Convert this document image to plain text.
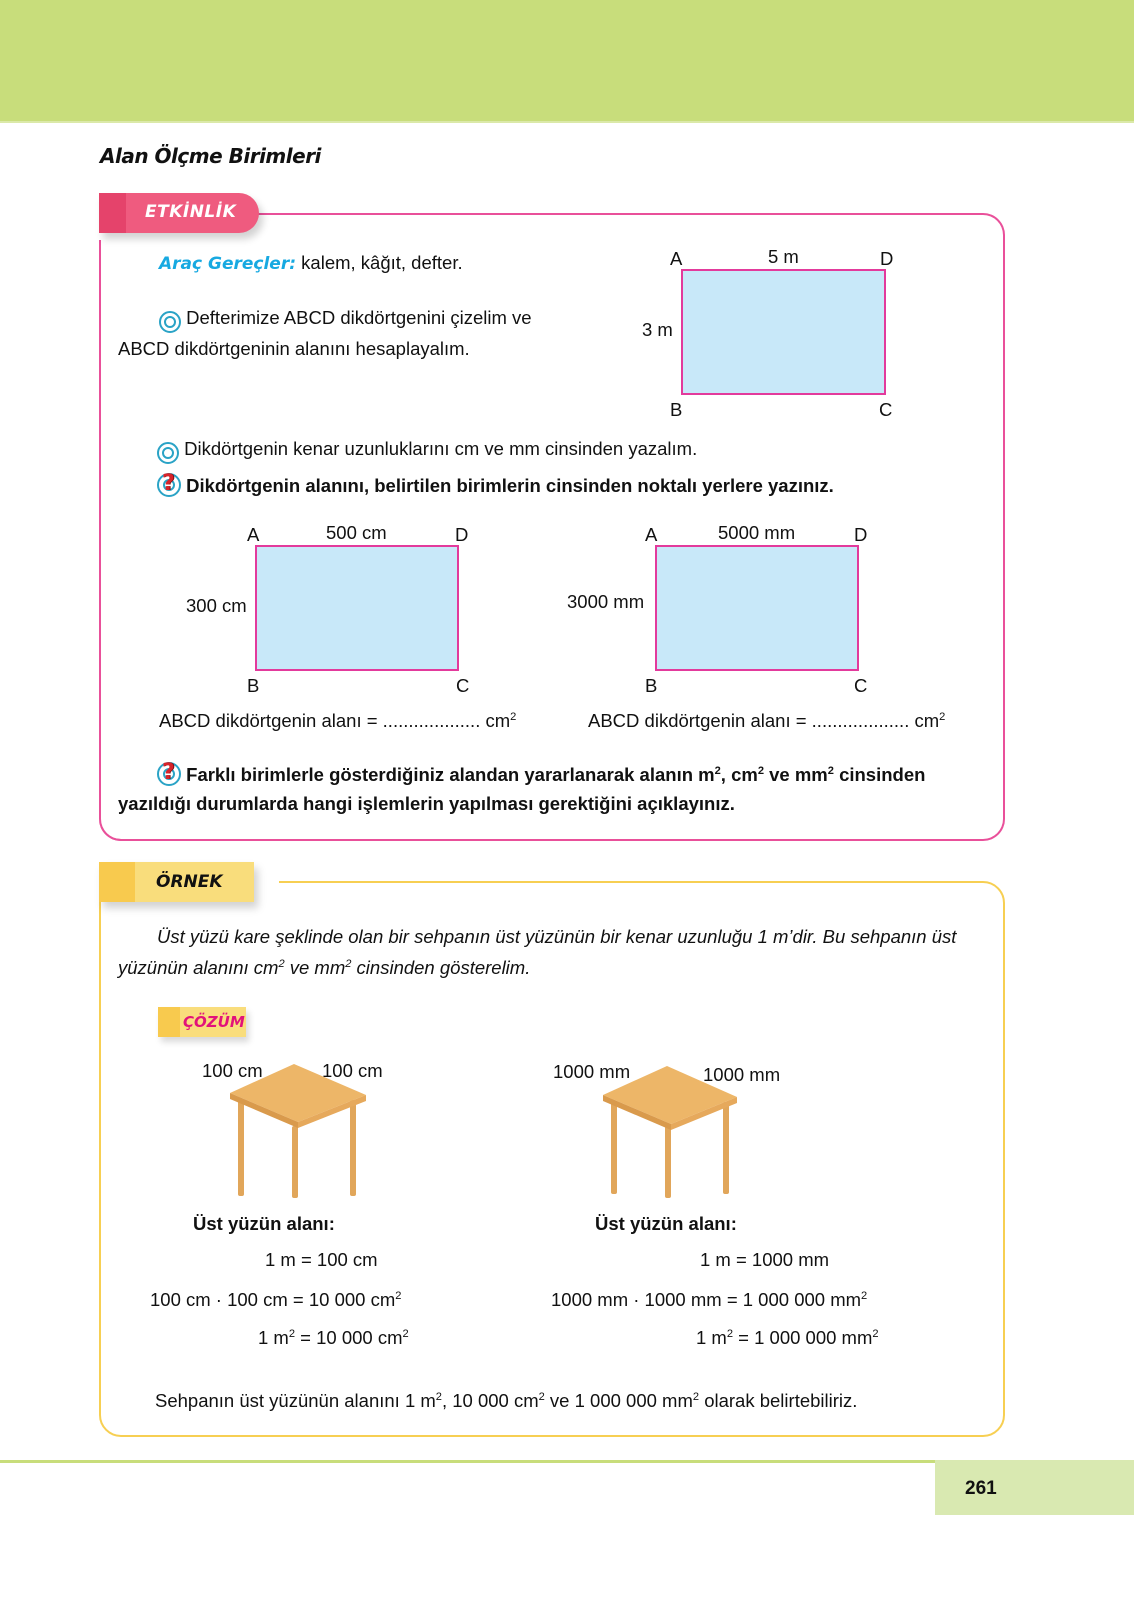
Alan Ölçme Birimleri
ETKİNLİK
Araç Gereçler: kalem, kâğıt, defter.
Defterimize ABCD dikdörtgenini çizelim ve
ABCD dikdörtgeninin alanını hesaplayalım.
A	5 m	D
3 m
B	C
Dikdörtgenin kenar uzunluklarını cm ve mm cinsinden yazalım.
? Dikdörtgenin alanını, belirtilen birimlerin cinsinden noktalı yerlere yazınız.
A	500 cm	D
300 cm
B	C
ABCD dikdörtgenin alanı = ................... $cm^2$
A	5000 mm	D
3000 mm
B	C
ABCD dikdörtgenin alanı = ................... $cm^2$
? Farklı birimlerle gösterdiğiniz alandan yararlanarak alanın $m^2$, $cm^2$ ve $mm^2$ cinsinden
yazıldığı durumlarda hangi işlemlerin yapılması gerektiğini açıklayınız.
ÖRNEK
Üst yüzü kare şeklinde olan bir sehpanın üst yüzünün bir kenar uzunluğu 1 m’dir. Bu sehpanın üst
yüzünün alanını $cm^2$ ve $mm^2$ cinsinden gösterelim.
ÇÖZÜM
100 cm	100 cm	1000 mm	1000 mm
Üst yüzün alanı:
1 m = 100 cm
100 cm · 100 cm = 10 000 $cm^2$
1 $m^2 = 10$ 000 $cm^2$
Üst yüzün alanı:
1 m = 1000 mm
1000 mm · 1000 mm = 1 000 000 $mm^2$
1 $m^2 = 1$ 000 000 $mm^2$
Sehpanın üst yüzünün alanını 1 $m^2$, 10 000 $cm^2$ ve 1 000 000 $mm^2$ olarak belirtebiliriz.
261
